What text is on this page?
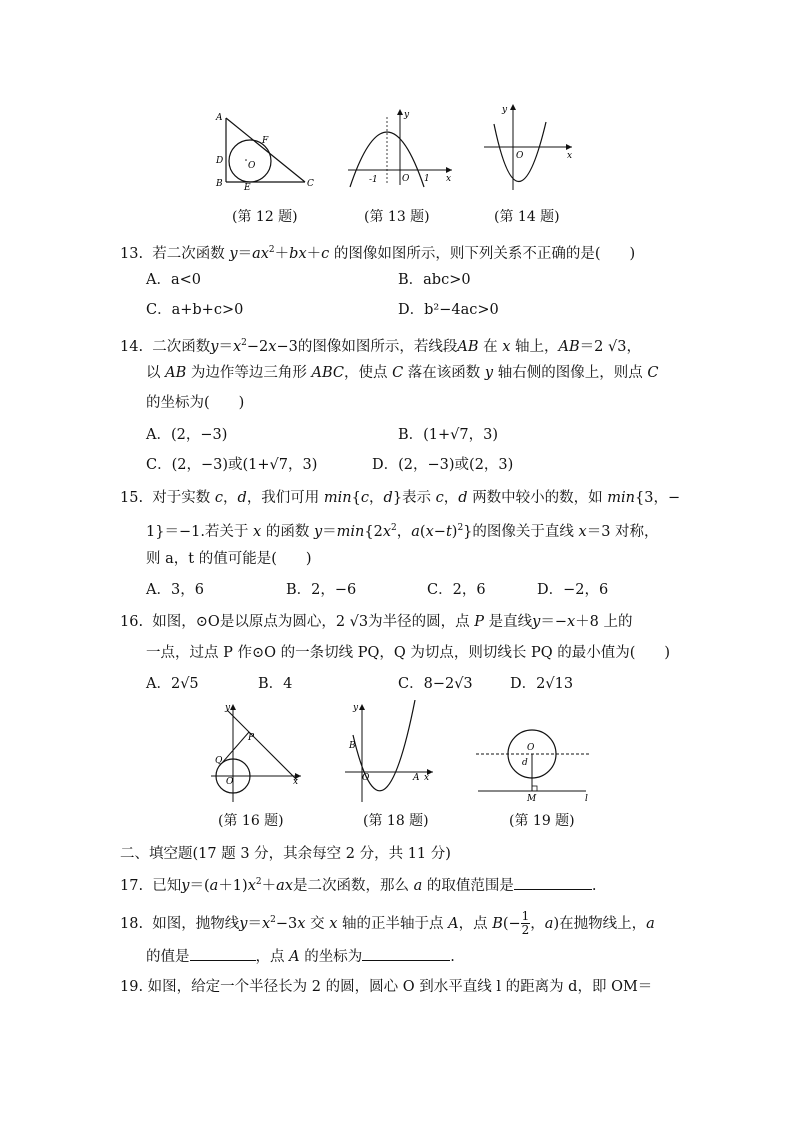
A
F
D	O
B E	C
y
-1	O 1 x
y
O	x
(第 12 题)	(第 13 题)	(第 14 题)
13. 若二次函数 $y=ax^2+bx+c$ 的图像如图所示，则下列关系不正确的是(　　)
A．a<0	B．abc>0
C．a+b+c>0	D．b²−4ac>0
14. 二次函数$y=x^2-2x-3$的图像如图所示，若线段AB 在 x 轴上，AB＝2 √3，
以 AB 为边作等边三角形 ABC，使点 C 落在该函数 y 轴右侧的图像上，则点 C
的坐标为(　　)
A．(2，−3)	B．(1+√7，3)
C．(2，−3)或(1+√7，3)	D．(2，−3)或(2，3)
15. 对于实数 c，d，我们可用 min{c，d}表示 c，d 两数中较小的数，如 min{3，−
1}＝−1.若关于 x 的函数 $y=\min\{2x^2$，$a(x-t)^2$}的图像关于直线 x＝3 对称，
则 a，t 的值可能是(　　)
A．3，6	B．2，−6	C．2，6	D．−2，6
16. 如图，⊙O是以原点为圆心，2 √3为半径的圆，点 P 是直线y＝−x＋8 上的
一点，过点 P 作⊙O 的一条切线 PQ，Q 为切点，则切线长 PQ 的最小值为(　　)
A．2√5	B．4	C．8−2√3	D．2√13
y
P
Q
O	x
y
B
O	A x
O
d
M	l
(第 16 题)	(第 18 题)	(第 19 题)
二、填空题(17 题 3 分，其余每空 2 分，共 11 分)
17. 已知$y=(a+1)x^2+ax$是二次函数，那么 a 的取值范围是	.
18. 如图，抛物线$y=x^2-3x$ 交 x 轴的正半轴于点 A，点 $B(- \frac{1}{2}$ ，a)在抛物线上，a
的值是	，点 A 的坐标为	.
19. 如图，给定一个半径长为 2 的圆，圆心 O 到水平直线 l 的距离为 d，即 OM＝
